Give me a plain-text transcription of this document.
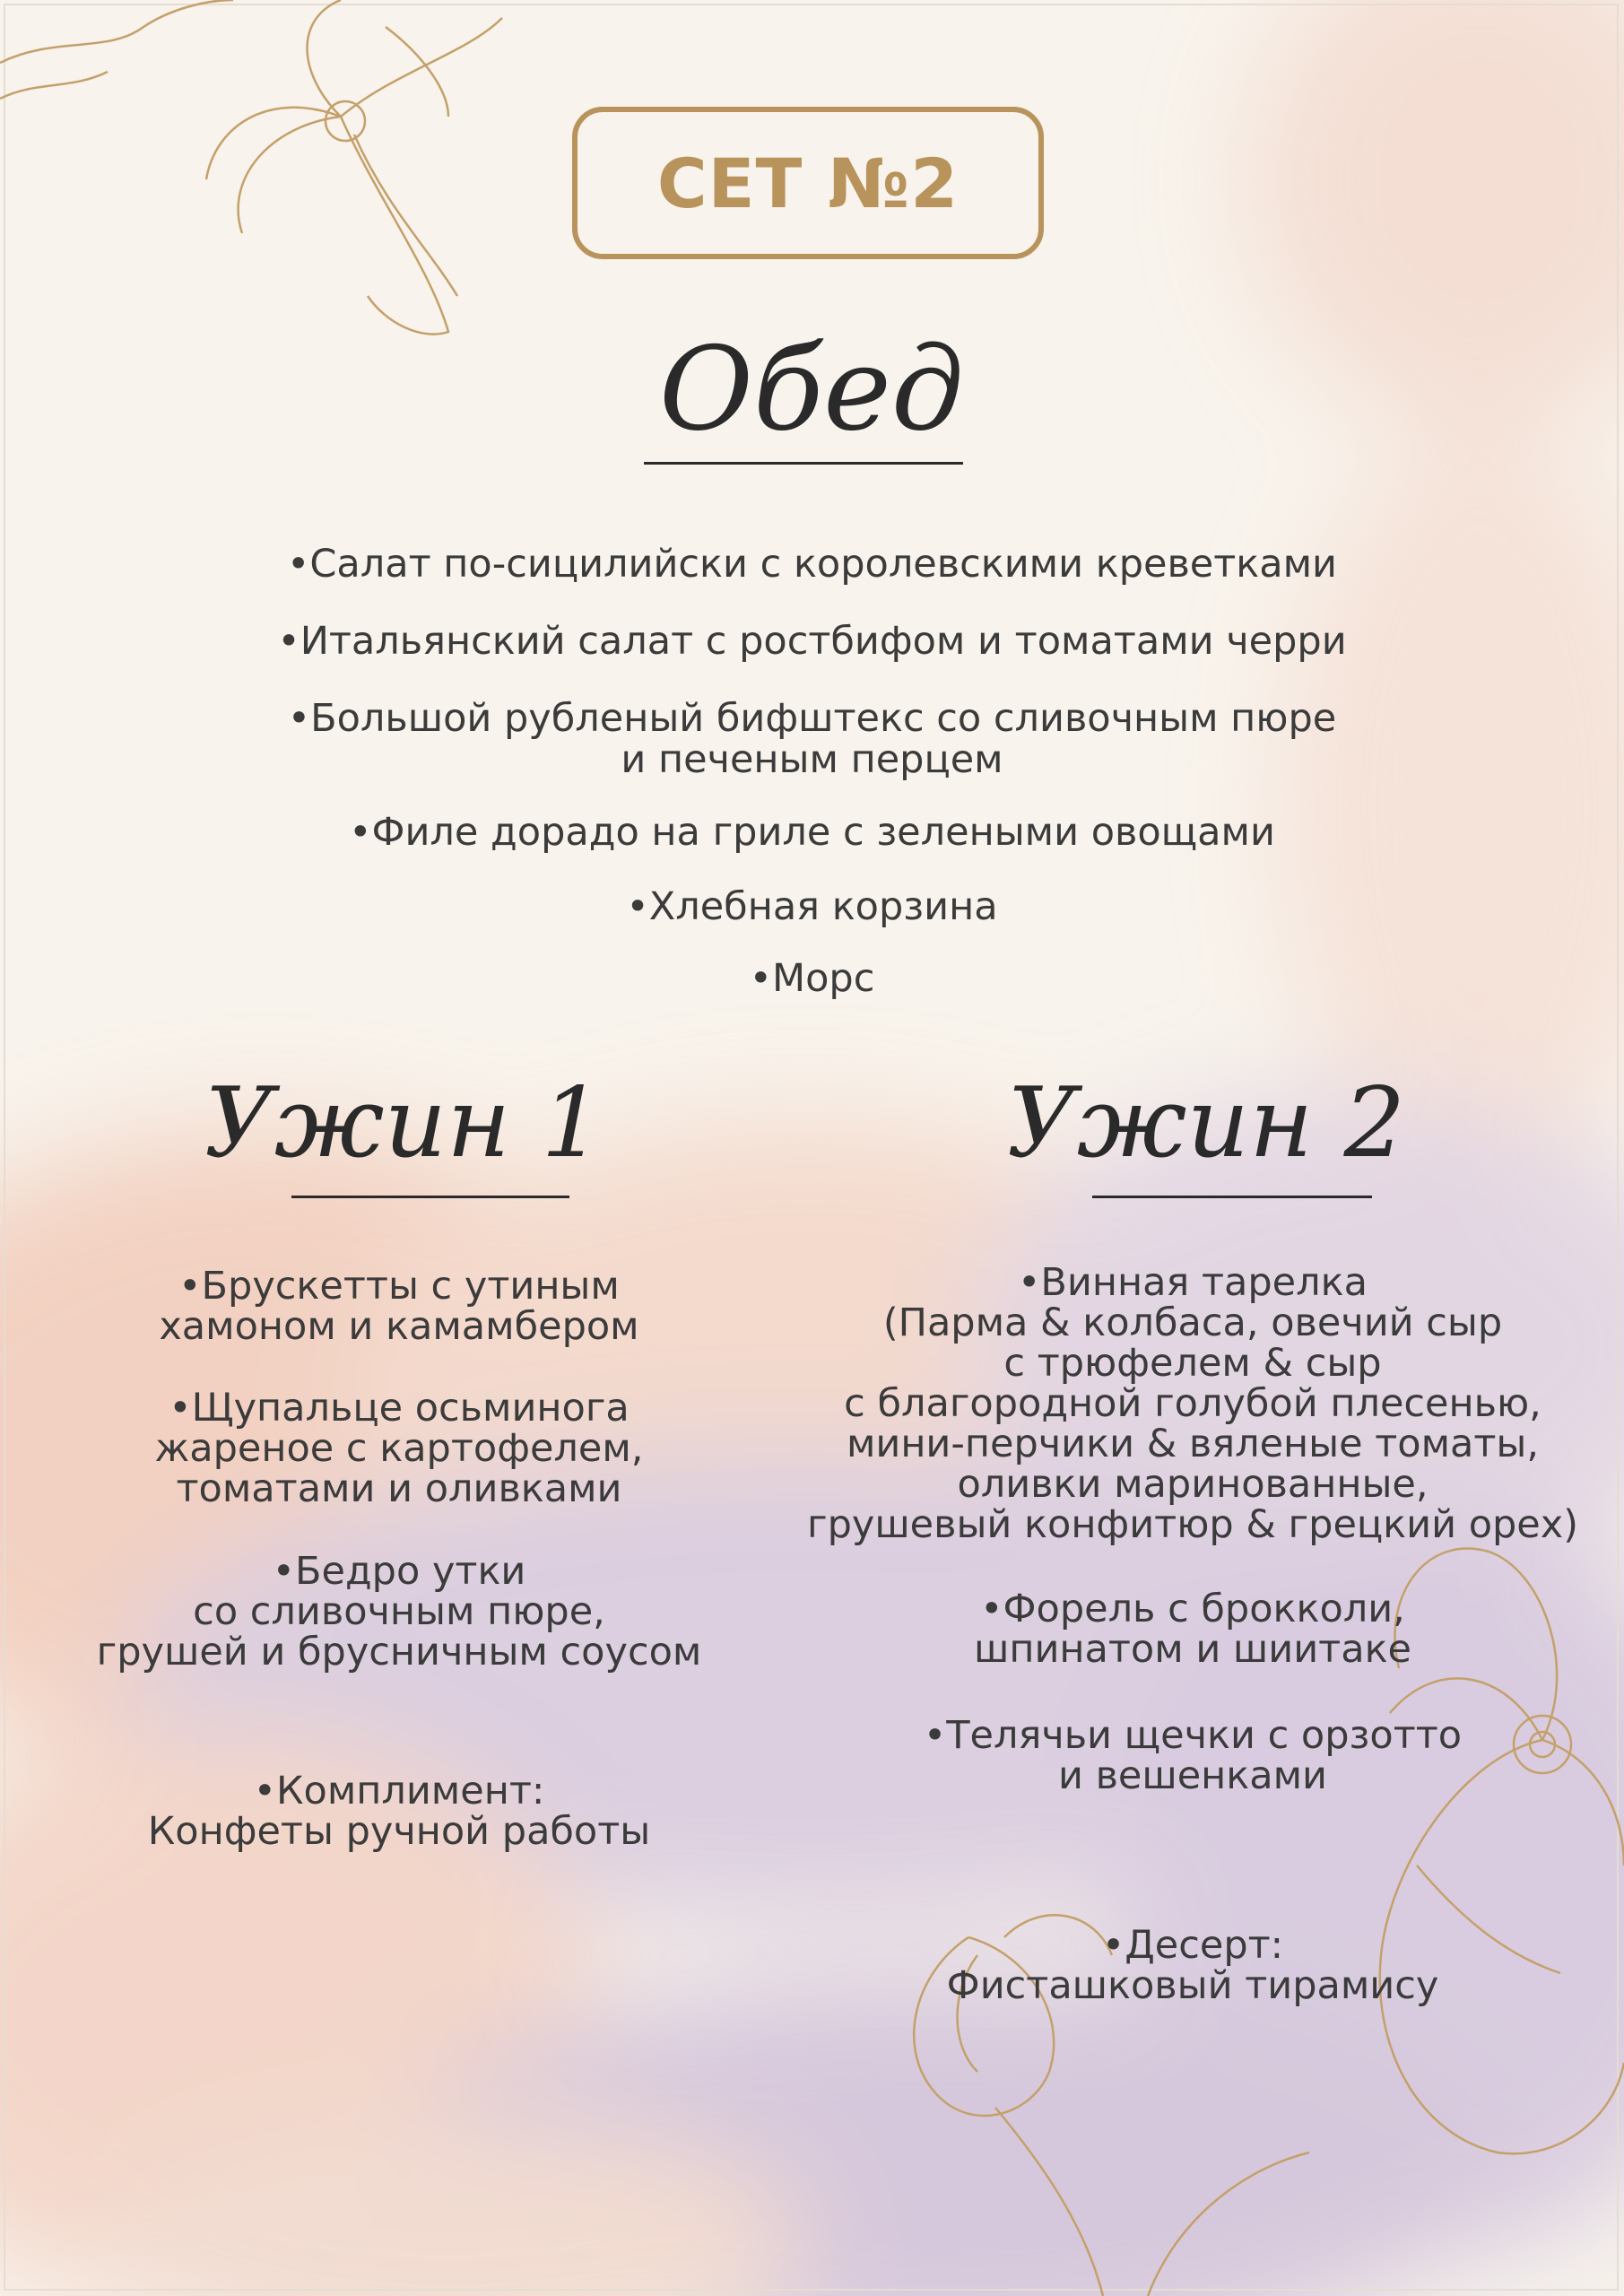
СЕТ №2
Обед
•Салат по-сицилийски с королевскими креветками
•Итальянский салат с ростбифом и томатами черри
•Большой рубленый бифштекс со сливочным пюре
и печеным перцем
•Филе дорадо на гриле с зелеными овощами
•Хлебная корзина
•Морс
Ужин 1
•Брускетты с утиным
хамоном и камамбером
•Щупальце осьминога
жареное с картофелем,
томатами и оливками
•Бедро утки
со сливочным пюре,
грушей и брусничным соусом
•Комплимент:
Конфеты ручной работы
Ужин 2
•Винная тарелка
(Парма & колбаса, овечий сыр
с трюфелем & сыр
с благородной голубой плесенью,
мини-перчики & вяленые томаты,
оливки маринованные,
грушевый конфитюр & грецкий орех)
•Форель с брокколи,
шпинатом и шиитаке
•Телячьи щечки с орзотто
и вешенками
•Десерт:
Фисташковый тирамису
